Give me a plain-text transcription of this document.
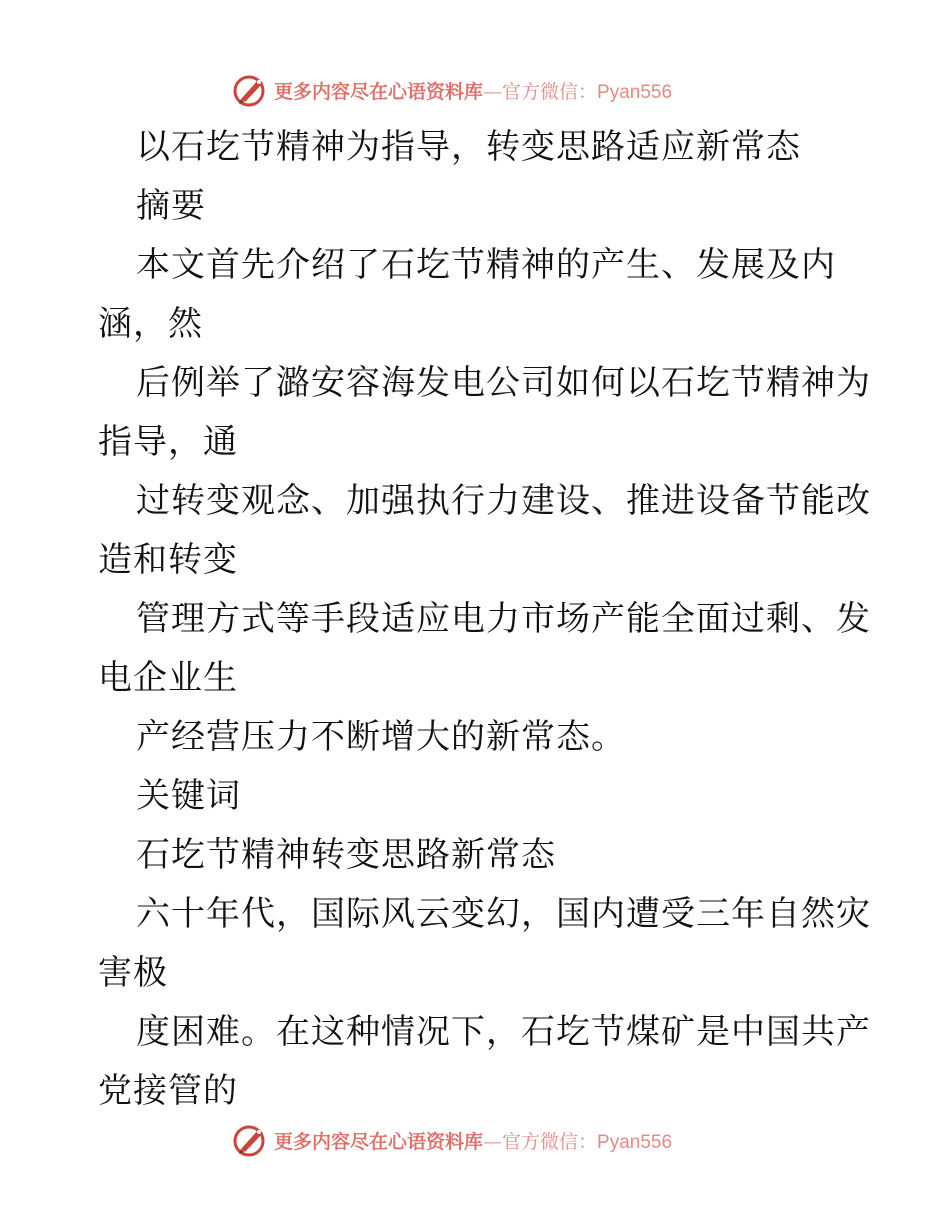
更多内容尽在心语资料库—官方微信：Pyan556
以石圪节精神为指导，转变思路适应新常态
摘要
本文首先介绍了石圪节精神的产生、发展及内
涵，然
后例举了潞安容海发电公司如何以石圪节精神为
指导，通
过转变观念、加强执行力建设、推进设备节能改
造和转变
管理方式等手段适应电力市场产能全面过剩、发
电企业生
产经营压力不断增大的新常态。
关键词
石圪节精神转变思路新常态
六十年代，国际风云变幻，国内遭受三年自然灾
害极
度困难。在这种情况下，石圪节煤矿是中国共产
党接管的
更多内容尽在心语资料库—官方微信：Pyan556
